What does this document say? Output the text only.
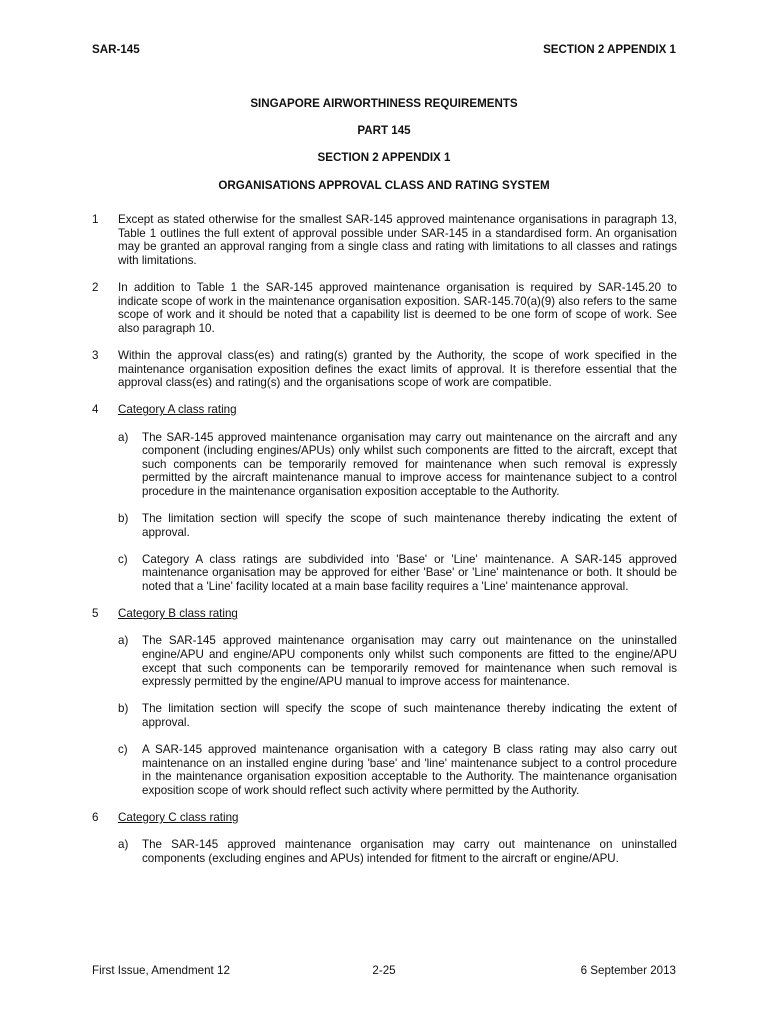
SAR-145	SECTION 2 APPENDIX 1
SINGAPORE AIRWORTHINESS REQUIREMENTS
PART 145
SECTION 2 APPENDIX 1
ORGANISATIONS APPROVAL CLASS AND RATING SYSTEM
1	Except as stated otherwise for the smallest SAR-145 approved maintenance organisations in paragraph 13, Table 1 outlines the full extent of approval possible under SAR-145 in a standardised form. An organisation may be granted an approval ranging from a single class and rating with limitations to all classes and ratings with limitations.
2	In addition to Table 1 the SAR-145 approved maintenance organisation is required by SAR-145.20 to indicate scope of work in the maintenance organisation exposition. SAR-145.70(a)(9) also refers to the same scope of work and it should be noted that a capability list is deemed to be one form of scope of work. See also paragraph 10.
3	Within the approval class(es) and rating(s) granted by the Authority, the scope of work specified in the maintenance organisation exposition defines the exact limits of approval. It is therefore essential that the approval class(es) and rating(s) and the organisations scope of work are compatible.
4	Category A class rating
a)	The SAR-145 approved maintenance organisation may carry out maintenance on the aircraft and any component (including engines/APUs) only whilst such components are fitted to the aircraft, except that such components can be temporarily removed for maintenance when such removal is expressly permitted by the aircraft maintenance manual to improve access for maintenance subject to a control procedure in the maintenance organisation exposition acceptable to the Authority.
b)	The limitation section will specify the scope of such maintenance thereby indicating the extent of approval.
c)	Category A class ratings are subdivided into 'Base' or 'Line' maintenance. A SAR-145 approved maintenance organisation may be approved for either 'Base' or 'Line' maintenance or both. It should be noted that a 'Line' facility located at a main base facility requires a 'Line' maintenance approval.
5	Category B class rating
a)	The SAR-145 approved maintenance organisation may carry out maintenance on the uninstalled engine/APU and engine/APU components only whilst such components are fitted to the engine/APU except that such components can be temporarily removed for maintenance when such removal is expressly permitted by the engine/APU manual to improve access for maintenance.
b)	The limitation section will specify the scope of such maintenance thereby indicating the extent of approval.
c)	A SAR-145 approved maintenance organisation with a category B class rating may also carry out maintenance on an installed engine during 'base' and 'line' maintenance subject to a control procedure in the maintenance organisation exposition acceptable to the Authority. The maintenance organisation exposition scope of work should reflect such activity where permitted by the Authority.
6	Category C class rating
a)	The SAR-145 approved maintenance organisation may carry out maintenance on uninstalled components (excluding engines and APUs) intended for fitment to the aircraft or engine/APU.
First Issue, Amendment 12	2-25	6 September 2013
